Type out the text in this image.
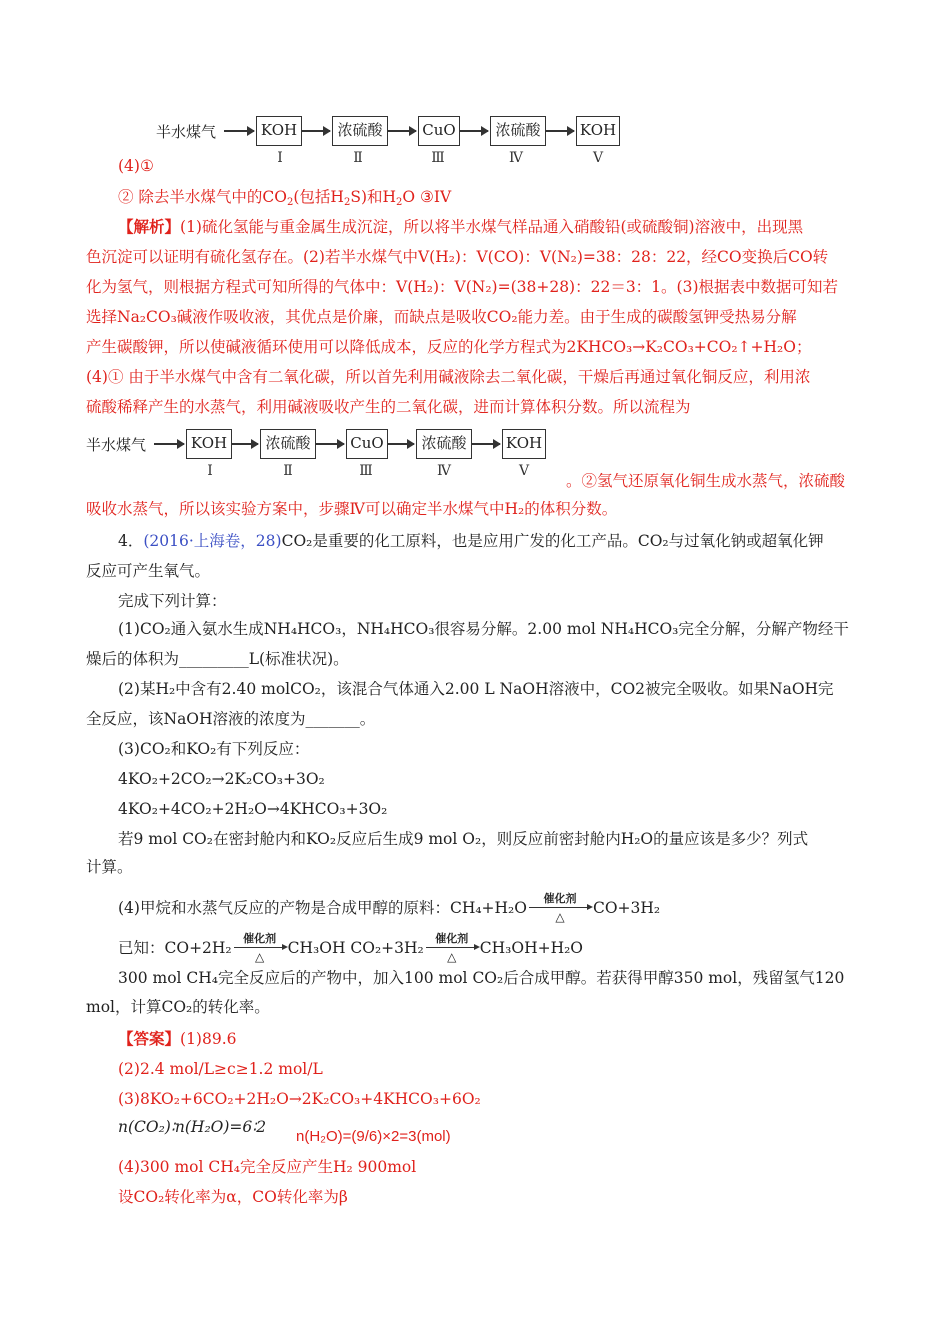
半水煤气	KOH	浓硫酸	CuO	浓硫酸	KOH
Ⅰ	Ⅱ	Ⅲ	Ⅳ	Ⅴ
(4)①
② 除去半水煤气中的$CO_2$(包括$H_2S$)和$H_2O$ ③IV
【解析】(1)硫化氢能与重金属生成沉淀，所以将半水煤气样品通入硝酸铅(或硫酸铜)溶液中，出现黑
色沉淀可以证明有硫化氢存在。(2)若半水煤气中V(H₂)：V(CO)：V(N₂)=38：28：22，经CO变换后CO转
化为氢气，则根据方程式可知所得的气体中：V(H₂)：V(N₂)=(38+28)：22＝3：1。(3)根据表中数据可知若
选择Na₂CO₃碱液作吸收液，其优点是价廉，而缺点是吸收CO₂能力差。由于生成的碳酸氢钾受热易分解
产生碳酸钾，所以使碱液循环使用可以降低成本，反应的化学方程式为2KHCO₃→K₂CO₃+CO₂↑+H₂O；
(4)① 由于半水煤气中含有二氧化碳，所以首先利用碱液除去二氧化碳，干燥后再通过氧化铜反应，利用浓
硫酸稀释产生的水蒸气，利用碱液吸收产生的二氧化碳，进而计算体积分数。所以流程为
半水煤气	KOH	浓硫酸	CuO	浓硫酸	KOH
Ⅰ	Ⅱ	Ⅲ	Ⅳ	Ⅴ
。②氢气还原氧化铜生成水蒸气，浓硫酸
吸收水蒸气，所以该实验方案中，步骤Ⅳ可以确定半水煤气中H₂的体积分数。
4．(2016·上海卷，28)CO₂是重要的化工原料，也是应用广发的化工产品。CO₂与过氧化钠或超氧化钾
反应可产生氧气。
完成下列计算：
(1)CO₂通入氨水生成NH₄HCO₃，NH₄HCO₃很容易分解。2.00 mol NH₄HCO₃完全分解，分解产物经干
燥后的体积为_________L(标准状况)。
(2)某H₂中含有2.40 molCO₂，该混合气体通入2.00 L NaOH溶液中，CO2被完全吸收。如果NaOH完
全反应，该NaOH溶液的浓度为_______。
(3)CO₂和KO₂有下列反应：
4KO₂+2CO₂→2K₂CO₃+3O₂
4KO₂+4CO₂+2H₂O→4KHCO₃+3O₂
若9 mol CO₂在密封舱内和KO₂反应后生成9 mol O₂，则反应前密封舱内H₂O的量应该是多少？列式
计算。
(4)甲烷和水蒸气反应的产物是合成甲醇的原料：CH₄+H₂O
催化剂
△	CO+3H₂
已知：CO+2H₂
催化剂
△	CH₃OH CO₂+3H₂
催化剂
△	CH₃OH+H₂O
300 mol CH₄完全反应后的产物中，加入100 mol CO₂后合成甲醇。若获得甲醇350 mol，残留氢气120
mol，计算CO₂的转化率。
【答案】(1)89.6
(2)2.4 mol/L≥c≥1.2 mol/L
(3)8KO₂+6CO₂+2H₂O→2K₂CO₃+4KHCO₃+6O₂
n(CO₂)∶n(H₂O)=6∶2
n(H₂O)=(9/6)×2=3(mol)
(4)300 mol CH₄完全反应产生H₂ 900mol
设CO₂转化率为α，CO转化率为β
